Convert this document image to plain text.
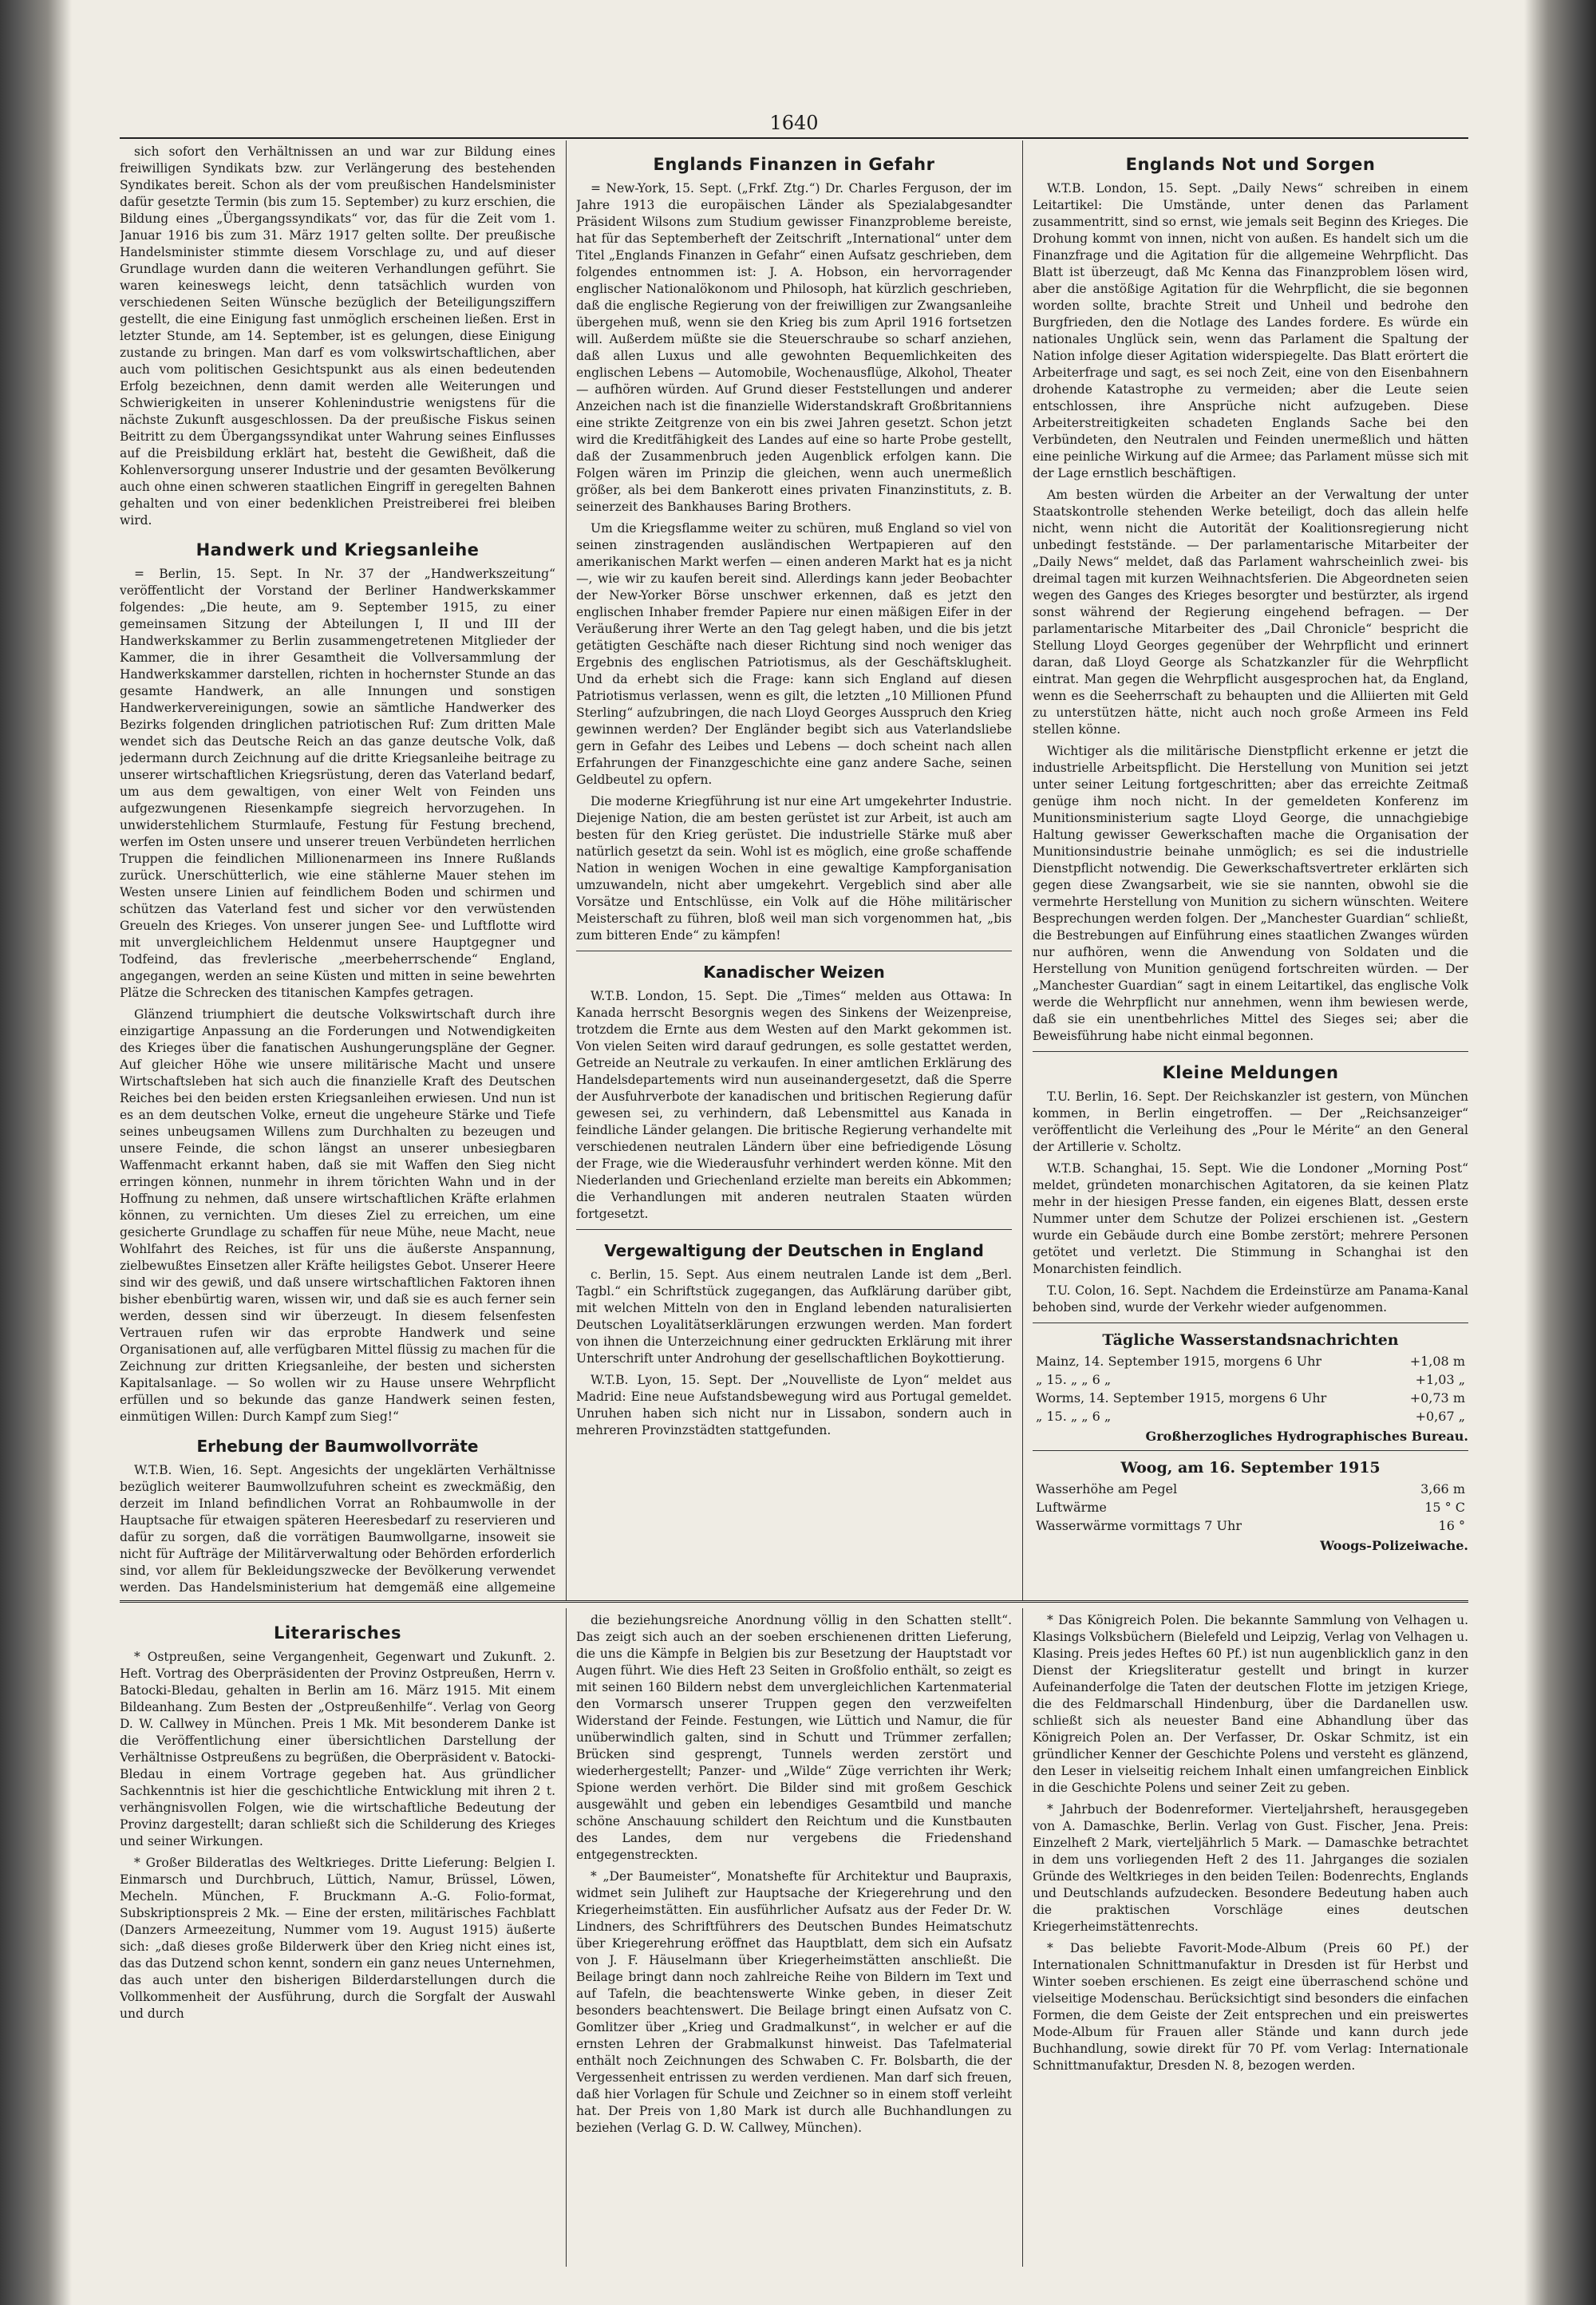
1640

sich sofort den Verhältnissen an und war zur Bildung eines freiwilligen Syndikats bzw. zur Verlängerung des bestehenden Syndikates bereit. Schon als der vom preußischen Handelsminister dafür gesetzte Termin (bis zum 15. September) zu kurz erschien, die Bildung eines „Übergangssyndikats“ vor, das für die Zeit vom 1. Januar 1916 bis zum 31. März 1917 gelten sollte. Der preußische Handelsminister stimmte diesem Vorschlage zu, und auf dieser Grundlage wurden dann die weiteren Verhandlungen geführt. Sie waren keineswegs leicht, denn tatsächlich wurden von verschiedenen Seiten Wünsche bezüglich der Beteiligungsziffern gestellt, die eine Einigung fast unmöglich erscheinen ließen. Erst in letzter Stunde, am 14. September, ist es gelungen, diese Einigung zustande zu bringen. Man darf es vom volkswirtschaftlichen, aber auch vom politischen Gesichtspunkt aus als einen bedeutenden Erfolg bezeichnen, denn damit werden alle Weiterungen und Schwierigkeiten in unserer Kohlenindustrie wenigstens für die nächste Zukunft ausgeschlossen. Da der preußische Fiskus seinen Beitritt zu dem Übergangssyndikat unter Wahrung seines Einflusses auf die Preisbildung erklärt hat, besteht die Gewißheit, daß die Kohlenversorgung unserer Industrie und der gesamten Bevölkerung auch ohne einen schweren staatlichen Eingriff in geregelten Bahnen gehalten und von einer bedenklichen Preistreiberei frei bleiben wird.

Handwerk und Kriegsanleihe

= Berlin, 15. Sept. In Nr. 37 der „Handwerkszeitung“ veröffentlicht der Vorstand der Berliner Handwerkskammer folgendes: „Die heute, am 9. September 1915, zu einer gemeinsamen Sitzung der Abteilungen I, II und III der Handwerkskammer zu Berlin zusammengetretenen Mitglieder der Kammer, die in ihrer Gesamtheit die Vollversammlung der Handwerkskammer darstellen, richten in hochernster Stunde an das gesamte Handwerk, an alle Innungen und sonstigen Handwerkervereinigungen, sowie an sämtliche Handwerker des Bezirks folgenden dringlichen patriotischen Ruf: Zum dritten Male wendet sich das Deutsche Reich an das ganze deutsche Volk, daß jedermann durch Zeichnung auf die dritte Kriegsanleihe beitrage zu unserer wirtschaftlichen Kriegsrüstung, deren das Vaterland bedarf, um aus dem gewaltigen, von einer Welt von Feinden uns aufgezwungenen Riesenkampfe siegreich hervorzugehen. In unwiderstehlichem Sturmlaufe, Festung für Festung brechend, werfen im Osten unsere und unserer treuen Verbündeten herrlichen Truppen die feindlichen Millionenarmeen ins Innere Rußlands zurück. Unerschütterlich, wie eine stählerne Mauer stehen im Westen unsere Linien auf feindlichem Boden und schirmen und schützen das Vaterland fest und sicher vor den verwüstenden Greueln des Krieges. Von unserer jungen See- und Luftflotte wird mit unvergleichlichem Heldenmut unsere Hauptgegner und Todfeind, das frevlerische „meerbeherrschende“ England, angegangen, werden an seine Küsten und mitten in seine bewehrten Plätze die Schrecken des titanischen Kampfes getragen.

Glänzend triumphiert die deutsche Volkswirtschaft durch ihre einzigartige Anpassung an die Forderungen und Notwendigkeiten des Krieges über die fanatischen Aushungerungspläne der Gegner. Auf gleicher Höhe wie unsere militärische Macht und unsere Wirtschaftsleben hat sich auch die finanzielle Kraft des Deutschen Reiches bei den beiden ersten Kriegsanleihen erwiesen. Und nun ist es an dem deutschen Volke, erneut die ungeheure Stärke und Tiefe seines unbeugsamen Willens zum Durchhalten zu bezeugen und unsere Feinde, die schon längst an unserer unbesiegbaren Waffenmacht erkannt haben, daß sie mit Waffen den Sieg nicht erringen können, nunmehr in ihrem törichten Wahn und in der Hoffnung zu nehmen, daß unsere wirtschaftlichen Kräfte erlahmen können, zu vernichten. Um dieses Ziel zu erreichen, um eine gesicherte Grundlage zu schaffen für neue Mühe, neue Macht, neue Wohlfahrt des Reiches, ist für uns die äußerste Anspannung, zielbewußtes Einsetzen aller Kräfte heiligstes Gebot. Unserer Heere sind wir des gewiß, und daß unsere wirtschaftlichen Faktoren ihnen bisher ebenbürtig waren, wissen wir, und daß sie es auch ferner sein werden, dessen sind wir überzeugt. In diesem felsenfesten Vertrauen rufen wir das erprobte Handwerk und seine Organisationen auf, alle verfügbaren Mittel flüssig zu machen für die Zeichnung zur dritten Kriegsanleihe, der besten und sichersten Kapitalsanlage. — So wollen wir zu Hause unsere Wehrpflicht erfüllen und so bekunde das ganze Handwerk seinen festen, einmütigen Willen: Durch Kampf zum Sieg!“

Erhebung der Baumwollvorräte

W.T.B. Wien, 16. Sept. Angesichts der ungeklärten Verhältnisse bezüglich weiterer Baumwollzufuhren scheint es zweckmäßig, den derzeit im Inland befindlichen Vorrat an Rohbaumwolle in der Hauptsache für etwaigen späteren Heeresbedarf zu reservieren und dafür zu sorgen, daß die vorrätigen Baumwollgarne, insoweit sie nicht für Aufträge der Militärverwaltung oder Behörden erforderlich sind, vor allem für Bekleidungszwecke der Bevölkerung verwendet werden. Das Handelsministerium hat demgemäß eine allgemeine

Englands Finanzen in Gefahr

= New-York, 15. Sept. („Frkf. Ztg.“) Dr. Charles Ferguson, der im Jahre 1913 die europäischen Länder als Spezialabgesandter Präsident Wilsons zum Studium gewisser Finanzprobleme bereiste, hat für das Septemberheft der Zeitschrift „International“ unter dem Titel „Englands Finanzen in Gefahr“ einen Aufsatz geschrieben, dem folgendes entnommen ist: J. A. Hobson, ein hervorragender englischer Nationalökonom und Philosoph, hat kürzlich geschrieben, daß die englische Regierung von der freiwilligen zur Zwangsanleihe übergehen muß, wenn sie den Krieg bis zum April 1916 fortsetzen will. Außerdem müßte sie die Steuerschraube so scharf anziehen, daß allen Luxus und alle gewohnten Bequemlichkeiten des englischen Lebens — Automobile, Wochenausflüge, Alkohol, Theater — aufhören würden. Auf Grund dieser Feststellungen und anderer Anzeichen nach ist die finanzielle Widerstandskraft Großbritanniens eine strikte Zeitgrenze von ein bis zwei Jahren gesetzt. Schon jetzt wird die Kreditfähigkeit des Landes auf eine so harte Probe gestellt, daß der Zusammenbruch jeden Augenblick erfolgen kann. Die Folgen wären im Prinzip die gleichen, wenn auch unermeßlich größer, als bei dem Bankerott eines privaten Finanzinstituts, z. B. seinerzeit des Bankhauses Baring Brothers.

Um die Kriegsflamme weiter zu schüren, muß England so viel von seinen zinstragenden ausländischen Wertpapieren auf den amerikanischen Markt werfen — einen anderen Markt hat es ja nicht —, wie wir zu kaufen bereit sind. Allerdings kann jeder Beobachter der New-Yorker Börse unschwer erkennen, daß es jetzt den englischen Inhaber fremder Papiere nur einen mäßigen Eifer in der Veräußerung ihrer Werte an den Tag gelegt haben, und die bis jetzt getätigten Geschäfte nach dieser Richtung sind noch weniger das Ergebnis des englischen Patriotismus, als der Geschäftsklugheit. Und da erhebt sich die Frage: kann sich England auf diesen Patriotismus verlassen, wenn es gilt, die letzten „10 Millionen Pfund Sterling“ aufzubringen, die nach Lloyd Georges Ausspruch den Krieg gewinnen werden? Der Engländer begibt sich aus Vaterlandsliebe gern in Gefahr des Leibes und Lebens — doch scheint nach allen Erfahrungen der Finanzgeschichte eine ganz andere Sache, seinen Geldbeutel zu opfern.

Die moderne Kriegführung ist nur eine Art umgekehrter Industrie. Diejenige Nation, die am besten gerüstet ist zur Arbeit, ist auch am besten für den Krieg gerüstet. Die industrielle Stärke muß aber natürlich gesetzt da sein. Wohl ist es möglich, eine große schaffende Nation in wenigen Wochen in eine gewaltige Kampforganisation umzuwandeln, nicht aber umgekehrt. Vergeblich sind aber alle Vorsätze und Entschlüsse, ein Volk auf die Höhe militärischer Meisterschaft zu führen, bloß weil man sich vorgenommen hat, „bis zum bitteren Ende“ zu kämpfen!

Kanadischer Weizen

W.T.B. London, 15. Sept. Die „Times“ melden aus Ottawa: In Kanada herrscht Besorgnis wegen des Sinkens der Weizenpreise, trotzdem die Ernte aus dem Westen auf den Markt gekommen ist. Von vielen Seiten wird darauf gedrungen, es solle gestattet werden, Getreide an Neutrale zu verkaufen. In einer amtlichen Erklärung des Handelsdepartements wird nun auseinandergesetzt, daß die Sperre der Ausfuhrverbote der kanadischen und britischen Regierung dafür gewesen sei, zu verhindern, daß Lebensmittel aus Kanada in feindliche Länder gelangen. Die britische Regierung verhandelte mit verschiedenen neutralen Ländern über eine befriedigende Lösung der Frage, wie die Wiederausfuhr verhindert werden könne. Mit den Niederlanden und Griechenland erzielte man bereits ein Abkommen; die Verhandlungen mit anderen neutralen Staaten würden fortgesetzt.

Vergewaltigung der Deutschen in England

c. Berlin, 15. Sept. Aus einem neutralen Lande ist dem „Berl. Tagbl.“ ein Schriftstück zugegangen, das Aufklärung darüber gibt, mit welchen Mitteln von den in England lebenden naturalisierten Deutschen Loyalitätserklärungen erzwungen werden. Man fordert von ihnen die Unterzeichnung einer gedruckten Erklärung mit ihrer Unterschrift unter Androhung der gesellschaftlichen Boykottierung.

W.T.B. Lyon, 15. Sept. Der „Nouvelliste de Lyon“ meldet aus Madrid: Eine neue Aufstandsbewegung wird aus Portugal gemeldet. Unruhen haben sich nicht nur in Lissabon, sondern auch in mehreren Provinzstädten stattgefunden.

Englands Not und Sorgen

W.T.B. London, 15. Sept. „Daily News“ schreiben in einem Leitartikel: Die Umstände, unter denen das Parlament zusammentritt, sind so ernst, wie jemals seit Beginn des Krieges. Die Drohung kommt von innen, nicht von außen. Es handelt sich um die Finanzfrage und die Agitation für die allgemeine Wehrpflicht. Das Blatt ist überzeugt, daß Mc Kenna das Finanzproblem lösen wird, aber die anstößige Agitation für die Wehrpflicht, die sie begonnen worden sollte, brachte Streit und Unheil und bedrohe den Burgfrieden, den die Notlage des Landes fordere. Es würde ein nationales Unglück sein, wenn das Parlament die Spaltung der Nation infolge dieser Agitation widerspiegelte. Das Blatt erörtert die Arbeiterfrage und sagt, es sei noch Zeit, eine von den Eisenbahnern drohende Katastrophe zu vermeiden; aber die Leute seien entschlossen, ihre Ansprüche nicht aufzugeben. Diese Arbeiterstreitigkeiten schadeten Englands Sache bei den Verbündeten, den Neutralen und Feinden unermeßlich und hätten eine peinliche Wirkung auf die Armee; das Parlament müsse sich mit der Lage ernstlich beschäftigen.

Am besten würden die Arbeiter an der Verwaltung der unter Staatskontrolle stehenden Werke beteiligt, doch das allein helfe nicht, wenn nicht die Autorität der Koalitionsregierung nicht unbedingt feststände. — Der parlamentarische Mitarbeiter der „Daily News“ meldet, daß das Parlament wahrscheinlich zwei- bis dreimal tagen mit kurzen Weihnachtsferien. Die Abgeordneten seien wegen des Ganges des Krieges besorgter und bestürzter, als irgend sonst während der Regierung eingehend befragen. — Der parlamentarische Mitarbeiter des „Dail Chronicle“ bespricht die Stellung Lloyd Georges gegenüber der Wehrpflicht und erinnert daran, daß Lloyd George als Schatzkanzler für die Wehrpflicht eintrat. Man gegen die Wehrpflicht ausgesprochen hat, da England, wenn es die Seeherrschaft zu behaupten und die Alliierten mit Geld zu unterstützen hätte, nicht auch noch große Armeen ins Feld stellen könne.

Wichtiger als die militärische Dienstpflicht erkenne er jetzt die industrielle Arbeitspflicht. Die Herstellung von Munition sei jetzt unter seiner Leitung fortgeschritten; aber das erreichte Zeitmaß genüge ihm noch nicht. In der gemeldeten Konferenz im Munitionsministerium sagte Lloyd George, die unnachgiebige Haltung gewisser Gewerkschaften mache die Organisation der Munitionsindustrie beinahe unmöglich; es sei die industrielle Dienstpflicht notwendig. Die Gewerkschaftsvertreter erklärten sich gegen diese Zwangsarbeit, wie sie sie nannten, obwohl sie die vermehrte Herstellung von Munition zu sichern wünschten. Weitere Besprechungen werden folgen. Der „Manchester Guardian“ schließt, die Bestrebungen auf Einführung eines staatlichen Zwanges würden nur aufhören, wenn die Anwendung von Soldaten und die Herstellung von Munition genügend fortschreiten würden. — Der „Manchester Guardian“ sagt in einem Leitartikel, das englische Volk werde die Wehrpflicht nur annehmen, wenn ihm bewiesen werde, daß sie ein unentbehrliches Mittel des Sieges sei; aber die Beweisführung habe nicht einmal begonnen.

Kleine Meldungen

T.U. Berlin, 16. Sept. Der Reichskanzler ist gestern, von München kommen, in Berlin eingetroffen. — Der „Reichsanzeiger“ veröffentlicht die Verleihung des „Pour le Mérite“ an den General der Artillerie v. Scholtz.

W.T.B. Schanghai, 15. Sept. Wie die Londoner „Morning Post“ meldet, gründeten monarchischen Agitatoren, da sie keinen Platz mehr in der hiesigen Presse fanden, ein eigenes Blatt, dessen erste Nummer unter dem Schutze der Polizei erschienen ist. „Gestern wurde ein Gebäude durch eine Bombe zerstört; mehrere Personen getötet und verletzt. Die Stimmung in Schanghai ist den Monarchisten feindlich.

T.U. Colon, 16. Sept. Nachdem die Erdeinstürze am Panama-Kanal behoben sind, wurde der Verkehr wieder aufgenommen.

Tägliche Wasserstandsnachrichten
Mainz, 14. September 1915, morgens 6 Uhr	+1,08 m
„ 15. „ „ 6 „	+1,03 „
Worms, 14. September 1915, morgens 6 Uhr	+0,73 m
„ 15. „ „ 6 „	+0,67 „
Großherzogliches Hydrographisches Bureau.
Woog, am 16. September 1915
Wasserhöhe am Pegel	3,66 m
Luftwärme	15 ° C
Wasserwärme vormittags 7 Uhr	16 °
Woogs-Polizeiwache.
Literarisches

* Ostpreußen, seine Vergangenheit, Gegenwart und Zukunft. 2. Heft. Vortrag des Oberpräsidenten der Provinz Ostpreußen, Herrn v. Batocki-Bledau, gehalten in Berlin am 16. März 1915. Mit einem Bildeanhang. Zum Besten der „Ostpreußenhilfe“. Verlag von Georg D. W. Callwey in München. Preis 1 Mk. Mit besonderem Danke ist die Veröffentlichung einer übersichtlichen Darstellung der Verhältnisse Ostpreußens zu begrüßen, die Oberpräsident v. Batocki-Bledau in einem Vortrage gegeben hat. Aus gründlicher Sachkenntnis ist hier die geschichtliche Entwicklung mit ihren 2 t. verhängnisvollen Folgen, wie die wirtschaftliche Bedeutung der Provinz dargestellt; daran schließt sich die Schilderung des Krieges und seiner Wirkungen.

* Großer Bilderatlas des Weltkrieges. Dritte Lieferung: Belgien I. Einmarsch und Durchbruch, Lüttich, Namur, Brüssel, Löwen, Mecheln. München, F. Bruckmann A.-G. Folio-format, Subskriptionspreis 2 Mk. — Eine der ersten, militärisches Fachblatt (Danzers Armeezeitung, Nummer vom 19. August 1915) äußerte sich: „daß dieses große Bilderwerk über den Krieg nicht eines ist, das das Dutzend schon kennt, sondern ein ganz neues Unternehmen, das auch unter den bisherigen Bilderdarstellungen durch die Vollkommenheit der Ausführung, durch die Sorgfalt der Auswahl und durch

die beziehungsreiche Anordnung völlig in den Schatten stellt“. Das zeigt sich auch an der soeben erschienenen dritten Lieferung, die uns die Kämpfe in Belgien bis zur Besetzung der Hauptstadt vor Augen führt. Wie dies Heft 23 Seiten in Großfolio enthält, so zeigt es mit seinen 160 Bildern nebst dem unvergleichlichen Kartenmaterial den Vormarsch unserer Truppen gegen den verzweifelten Widerstand der Feinde. Festungen, wie Lüttich und Namur, die für unüberwindlich galten, sind in Schutt und Trümmer zerfallen; Brücken sind gesprengt, Tunnels werden zerstört und wiederhergestellt; Panzer- und „Wilde“ Züge verrichten ihr Werk; Spione werden verhört. Die Bilder sind mit großem Geschick ausgewählt und geben ein lebendiges Gesamtbild und manche schöne Anschauung schildert den Reichtum und die Kunstbauten des Landes, dem nur vergebens die Friedenshand entgegenstreckten.

* „Der Baumeister“, Monatshefte für Architektur und Baupraxis, widmet sein Juliheft zur Hauptsache der Kriegerehrung und den Kriegerheimstätten. Ein ausführlicher Aufsatz aus der Feder Dr. W. Lindners, des Schriftführers des Deutschen Bundes Heimatschutz über Kriegerehrung eröffnet das Hauptblatt, dem sich ein Aufsatz von J. F. Häuselmann über Kriegerheimstätten anschließt. Die Beilage bringt dann noch zahlreiche Reihe von Bildern im Text und auf Tafeln, die beachtenswerte Winke geben, in dieser Zeit besonders beachtenswert. Die Beilage bringt einen Aufsatz von C. Gomlitzer über „Krieg und Gradmalkunst“, in welcher er auf die ernsten Lehren der Grabmalkunst hinweist. Das Tafelmaterial enthält noch Zeichnungen des Schwaben C. Fr. Bolsbarth, die der Vergessenheit entrissen zu werden verdienen. Man darf sich freuen, daß hier Vorlagen für Schule und Zeichner so in einem stoff verleiht hat. Der Preis von 1,80 Mark ist durch alle Buchhandlungen zu beziehen (Verlag G. D. W. Callwey, München).

* Das Königreich Polen. Die bekannte Sammlung von Velhagen u. Klasings Volksbüchern (Bielefeld und Leipzig, Verlag von Velhagen u. Klasing. Preis jedes Heftes 60 Pf.) ist nun augenblicklich ganz in den Dienst der Kriegsliteratur gestellt und bringt in kurzer Aufeinanderfolge die Taten der deutschen Flotte im jetzigen Kriege, die des Feldmarschall Hindenburg, über die Dardanellen usw. schließt sich als neuester Band eine Abhandlung über das Königreich Polen an. Der Verfasser, Dr. Oskar Schmitz, ist ein gründlicher Kenner der Geschichte Polens und versteht es glänzend, den Leser in vielseitig reichem Inhalt einen umfangreichen Einblick in die Geschichte Polens und seiner Zeit zu geben.

* Jahrbuch der Bodenreformer. Vierteljahrsheft, herausgegeben von A. Damaschke, Berlin. Verlag von Gust. Fischer, Jena. Preis: Einzelheft 2 Mark, vierteljährlich 5 Mark. — Damaschke betrachtet in dem uns vorliegenden Heft 2 des 11. Jahrganges die sozialen Gründe des Weltkrieges in den beiden Teilen: Bodenrechts, Englands und Deutschlands aufzudecken. Besondere Bedeutung haben auch die praktischen Vorschläge eines deutschen Kriegerheimstättenrechts.

* Das beliebte Favorit-Mode-Album (Preis 60 Pf.) der Internationalen Schnittmanufaktur in Dresden ist für Herbst und Winter soeben erschienen. Es zeigt eine überraschend schöne und vielseitige Modenschau. Berücksichtigt sind besonders die einfachen Formen, die dem Geiste der Zeit entsprechen und ein preiswertes Mode-Album für Frauen aller Stände und kann durch jede Buchhandlung, sowie direkt für 70 Pf. vom Verlag: Internationale Schnittmanufaktur, Dresden N. 8, bezogen werden.
